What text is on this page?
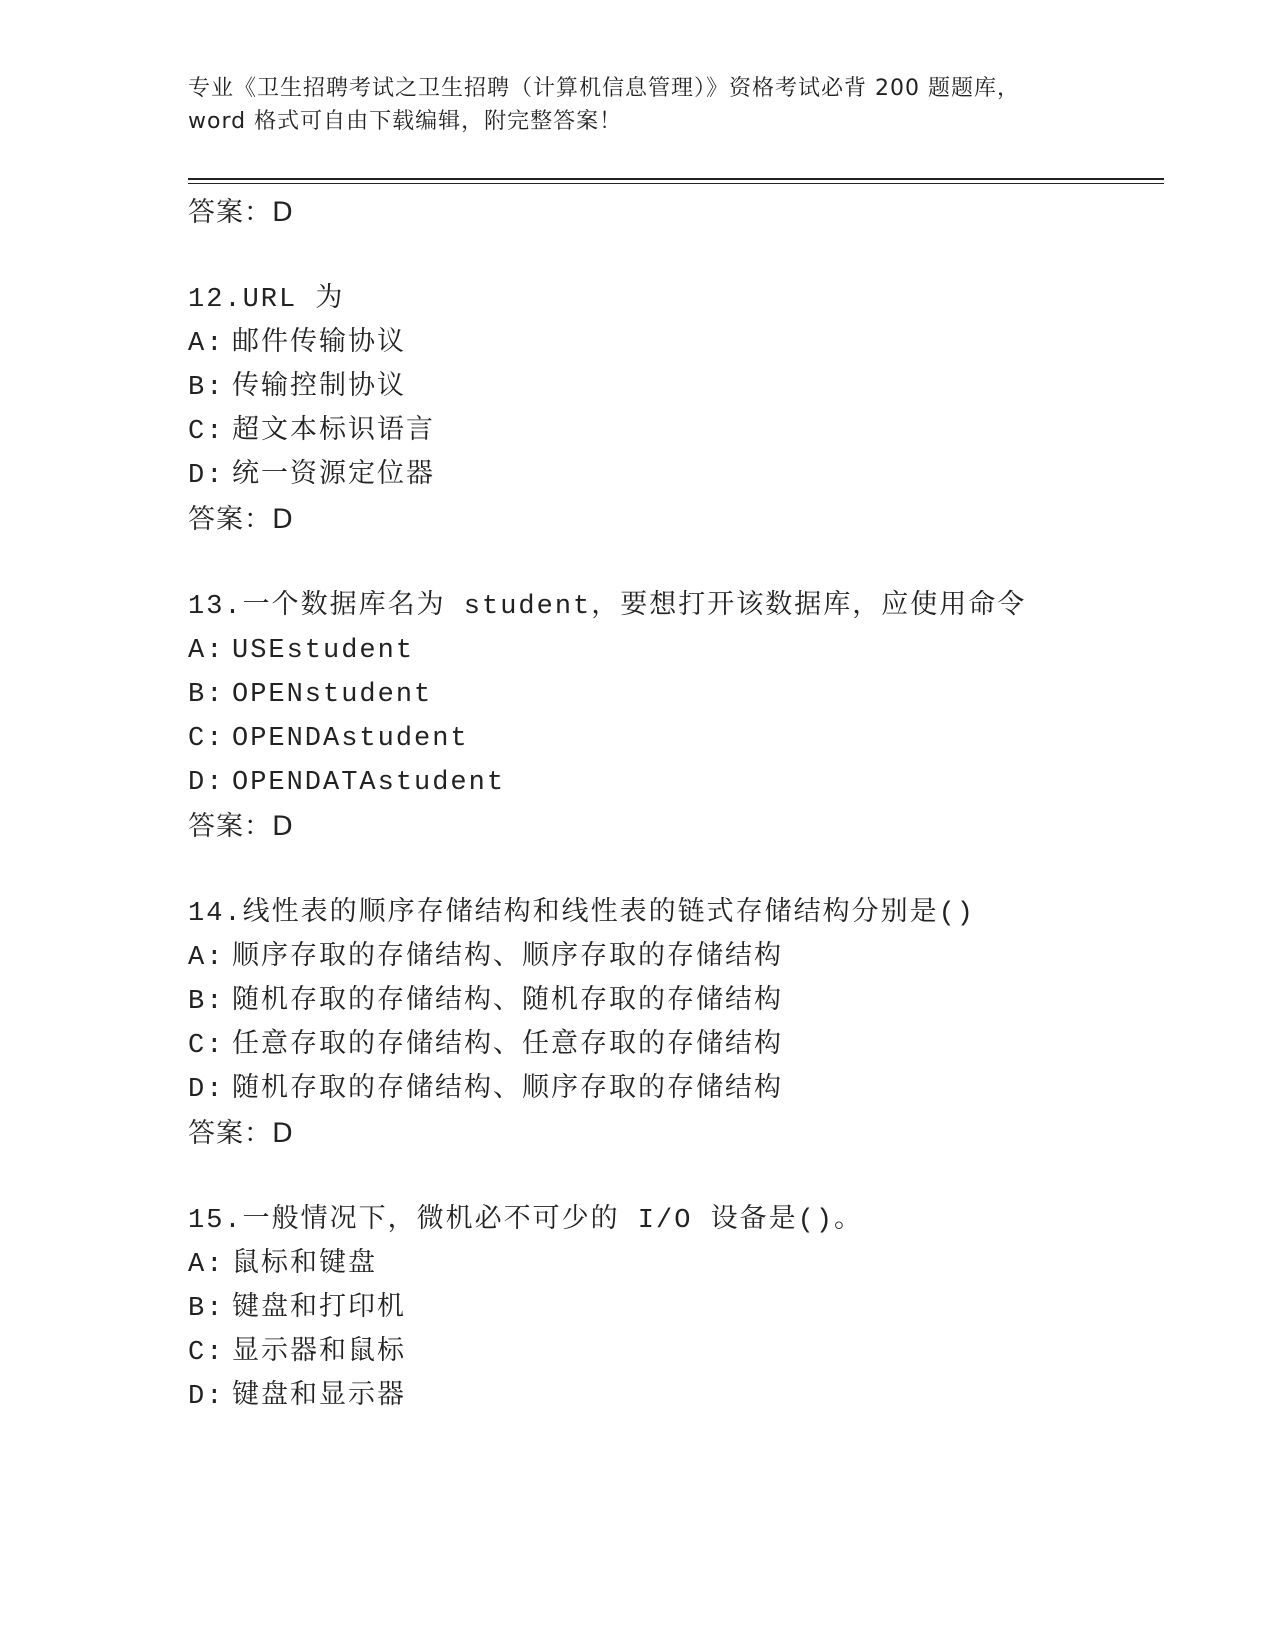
专业《卫生招聘考试之卫生招聘（计算机信息管理）》资格考试必背 200 题题库，
word 格式可自由下载编辑，附完整答案！
答案：D
12.URL 为
A: 邮件传输协议
B: 传输控制协议
C: 超文本标识语言
D: 统一资源定位器
答案：D
13.一个数据库名为 student，要想打开该数据库，应使用命令
A: USEstudent
B: OPENstudent
C: OPENDAstudent
D: OPENDATAstudent
答案：D
14.线性表的顺序存储结构和线性表的链式存储结构分别是()
A: 顺序存取的存储结构、顺序存取的存储结构
B: 随机存取的存储结构、随机存取的存储结构
C: 任意存取的存储结构、任意存取的存储结构
D: 随机存取的存储结构、顺序存取的存储结构
答案：D
15.一般情况下，微机必不可少的 I/O 设备是()。
A: 鼠标和键盘
B: 键盘和打印机
C: 显示器和鼠标
D: 键盘和显示器
